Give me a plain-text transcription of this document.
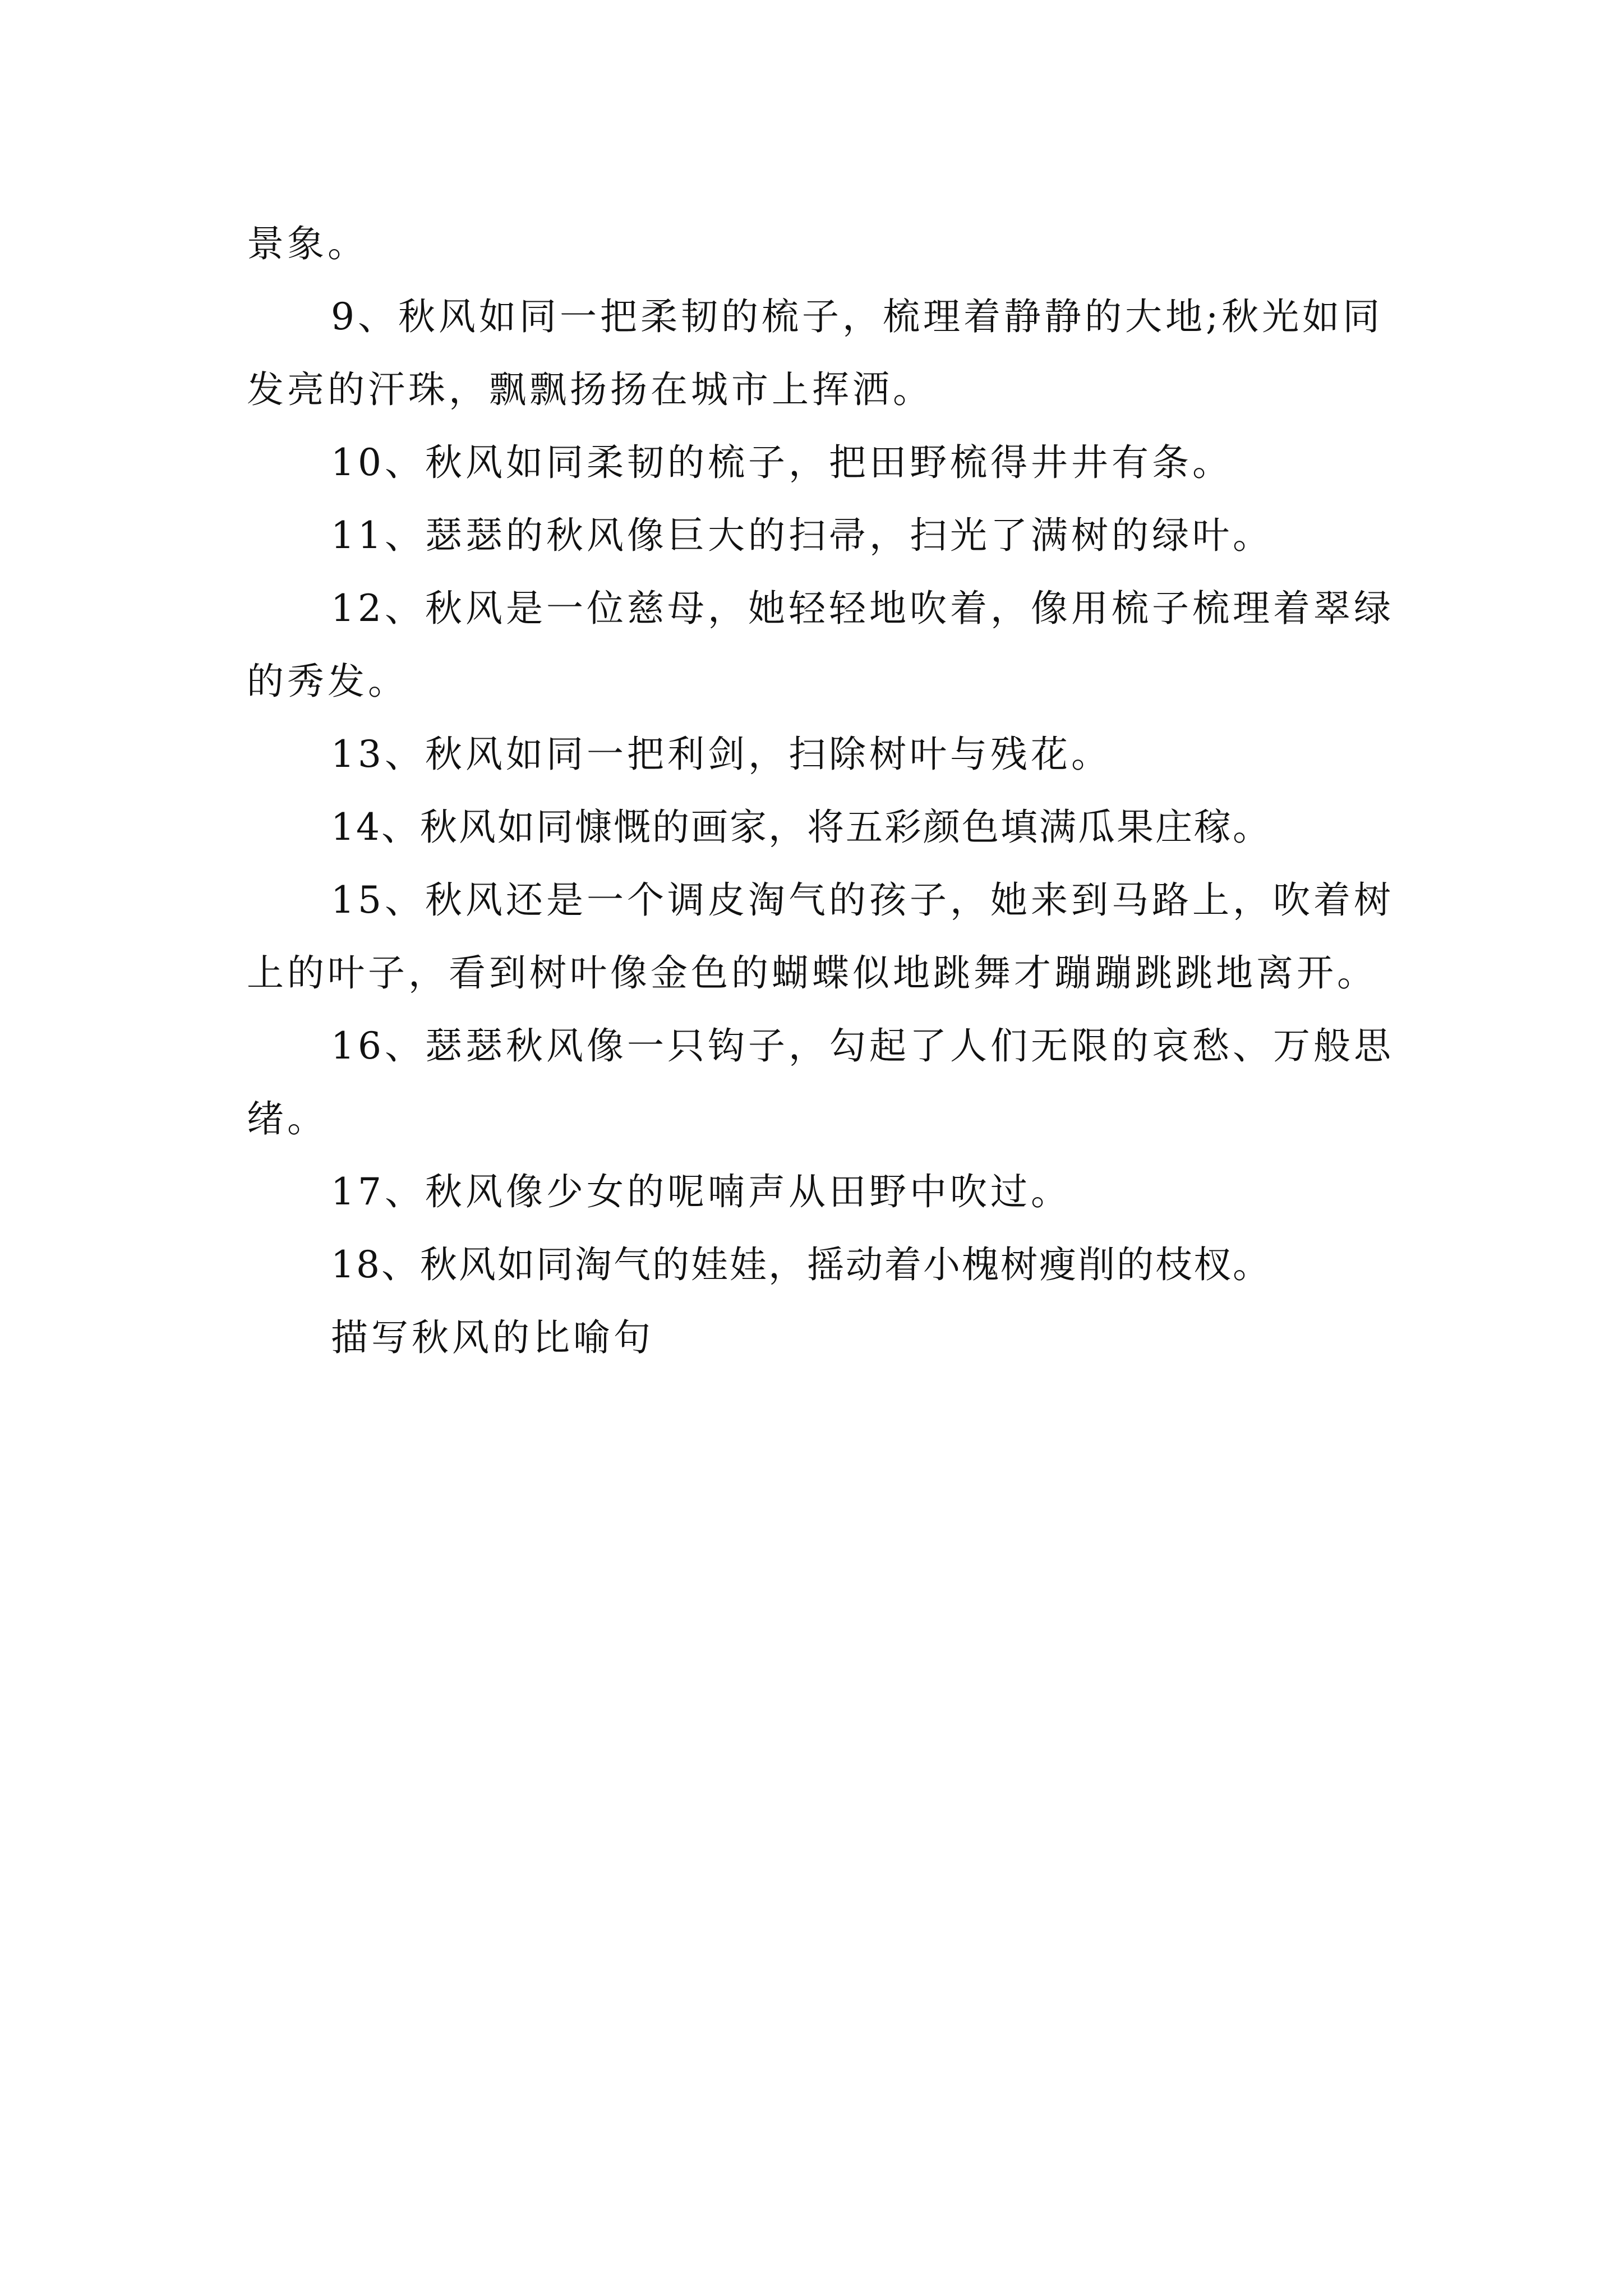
景象。

9、秋风如同一把柔韧的梳子，梳理着静静的大地;秋光如同发亮的汗珠，飘飘扬扬在城市上挥洒。

10、秋风如同柔韧的梳子，把田野梳得井井有条。

11、瑟瑟的秋风像巨大的扫帚，扫光了满树的绿叶。

12、秋风是一位慈母，她轻轻地吹着，像用梳子梳理着翠绿的秀发。

13、秋风如同一把利剑，扫除树叶与残花。

14、秋风如同慷慨的画家，将五彩颜色填满瓜果庄稼。

15、秋风还是一个调皮淘气的孩子，她来到马路上，吹着树上的叶子，看到树叶像金色的蝴蝶似地跳舞才蹦蹦跳跳地离开。

16、瑟瑟秋风像一只钩子，勾起了人们无限的哀愁、万般思绪。

17、秋风像少女的呢喃声从田野中吹过。

18、秋风如同淘气的娃娃，摇动着小槐树瘦削的枝杈。

描写秋风的比喻句
